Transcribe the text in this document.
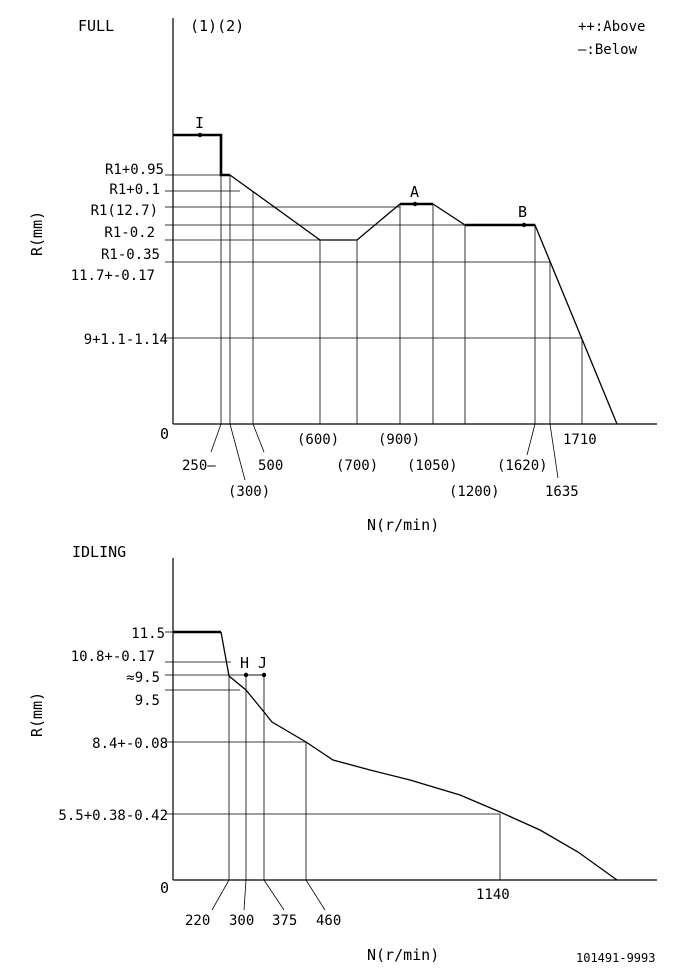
FULL	(1)(2)	++:Above
—:Below
I
A
B
R1+0.95
R1+0.1
R1(12.7)
R1-0.2
R1-0.35
11.7+-0.17
9+1.1-1.14
0
R(mm)
250—
(300)
500
(600)
(700)
(900)
(1050)
(1200)
(1620)
1635
1710
N(r/min)
IDLING
H J
11.5
10.8+-0.17
≈9.5
9.5
8.4+-0.08
5.5+0.38-0.42
0
R(mm)
220 300 375 460
1140
N(r/min)	101491-9993
